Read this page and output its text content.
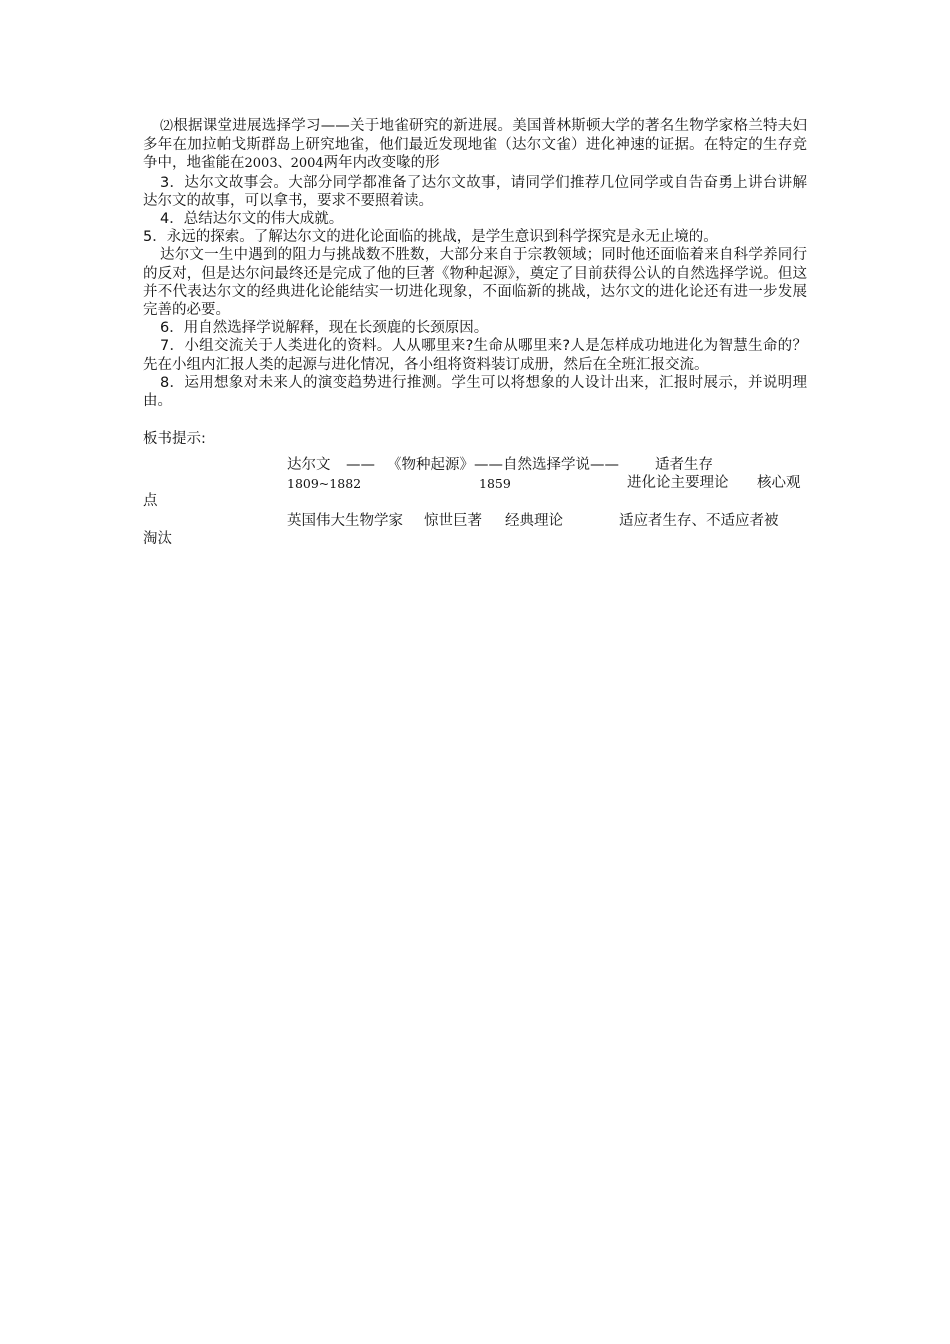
⑵根据课堂进展选择学习——关于地雀研究的新进展。美国普林斯顿大学的著名生物学家格兰特夫妇多年在加拉帕戈斯群岛上研究地雀，他们最近发现地雀（达尔文雀）进化神速的证据。在特定的生存竞争中，地雀能在2003、2004两年内改变喙的形

3．达尔文故事会。大部分同学都准备了达尔文故事，请同学们推荐几位同学或自告奋勇上讲台讲解达尔文的故事，可以拿书，要求不要照着读。

4．总结达尔文的伟大成就。

5．永远的探索。了解达尔文的进化论面临的挑战，是学生意识到科学探究是永无止境的。

达尔文一生中遇到的阻力与挑战数不胜数，大部分来自于宗教领域；同时他还面临着来自科学养同行的反对，但是达尔问最终还是完成了他的巨著《物种起源》，奠定了目前获得公认的自然选择学说。但这并不代表达尔文的经典进化论能结实一切进化现象，不面临新的挑战，达尔文的进化论还有进一步发展完善的必要。

6．用自然选择学说解释，现在长颈鹿的长颈原因。

7．小组交流关于人类进化的资料。人从哪里来?生命从哪里来?人是怎样成功地进化为智慧生命的？先在小组内汇报人类的起源与进化情况，各小组将资料装订成册，然后在全班汇报交流。

8．运用想象对未来人的演变趋势进行推测。学生可以将想象的人设计出来，汇报时展示，并说明理由。

板书提示:

达尔文 —— 《物种起源》——自然选择学说—— 适者生存
1809~1882	1859	进化论主要理论 核心观
点
英国伟大生物学家 惊世巨著 经典理论	适应者生存、不适应者被
淘汰
